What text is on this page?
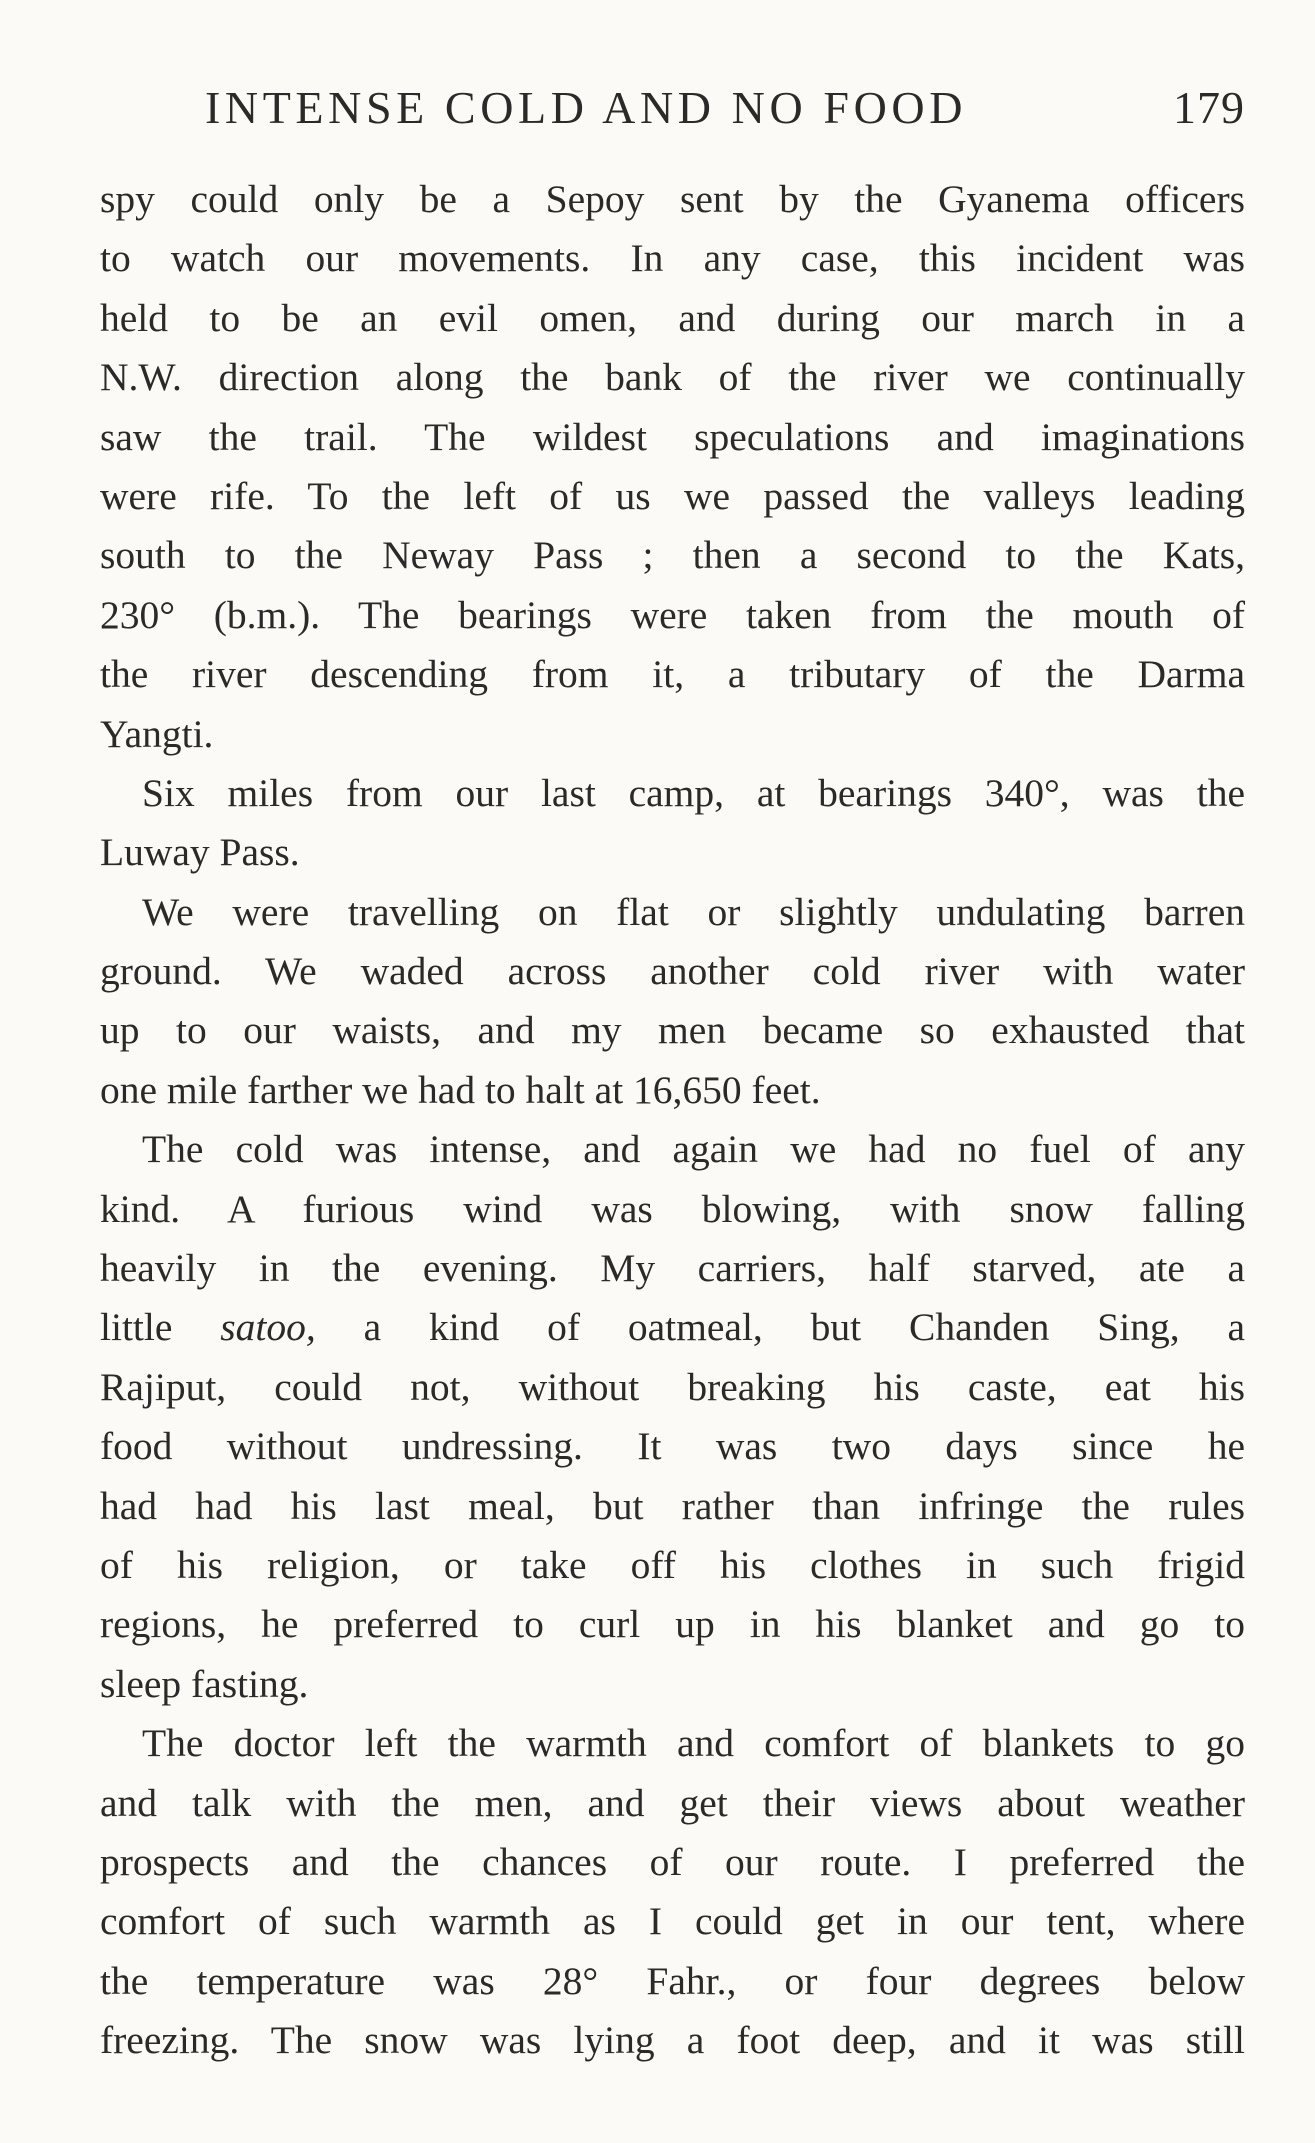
INTENSE COLD AND NO FOOD	179
spy could only be a Sepoy sent by the Gyanema officers
to watch our movements. In any case, this incident was
held to be an evil omen, and during our march in a
N.W. direction along the bank of the river we continually
saw the trail. The wildest speculations and imaginations
were rife. To the left of us we passed the valleys leading
south to the Neway Pass ; then a second to the Kats,
230° (b.m.). The bearings were taken from the mouth of
the river descending from it, a tributary of the Darma
Yangti.
Six miles from our last camp, at bearings 340°, was the
Luway Pass.
We were travelling on flat or slightly undulating barren
ground. We waded across another cold river with water
up to our waists, and my men became so exhausted that
one mile farther we had to halt at 16,650 feet.
The cold was intense, and again we had no fuel of any
kind. A furious wind was blowing, with snow falling
heavily in the evening. My carriers, half starved, ate a
little satoo, a kind of oatmeal, but Chanden Sing, a
Rajiput, could not, without breaking his caste, eat his
food without undressing. It was two days since he
had had his last meal, but rather than infringe the rules
of his religion, or take off his clothes in such frigid
regions, he preferred to curl up in his blanket and go to
sleep fasting.
The doctor left the warmth and comfort of blankets to go
and talk with the men, and get their views about weather
prospects and the chances of our route. I preferred the
comfort of such warmth as I could get in our tent, where
the temperature was 28° Fahr., or four degrees below
freezing. The snow was lying a foot deep, and it was still
